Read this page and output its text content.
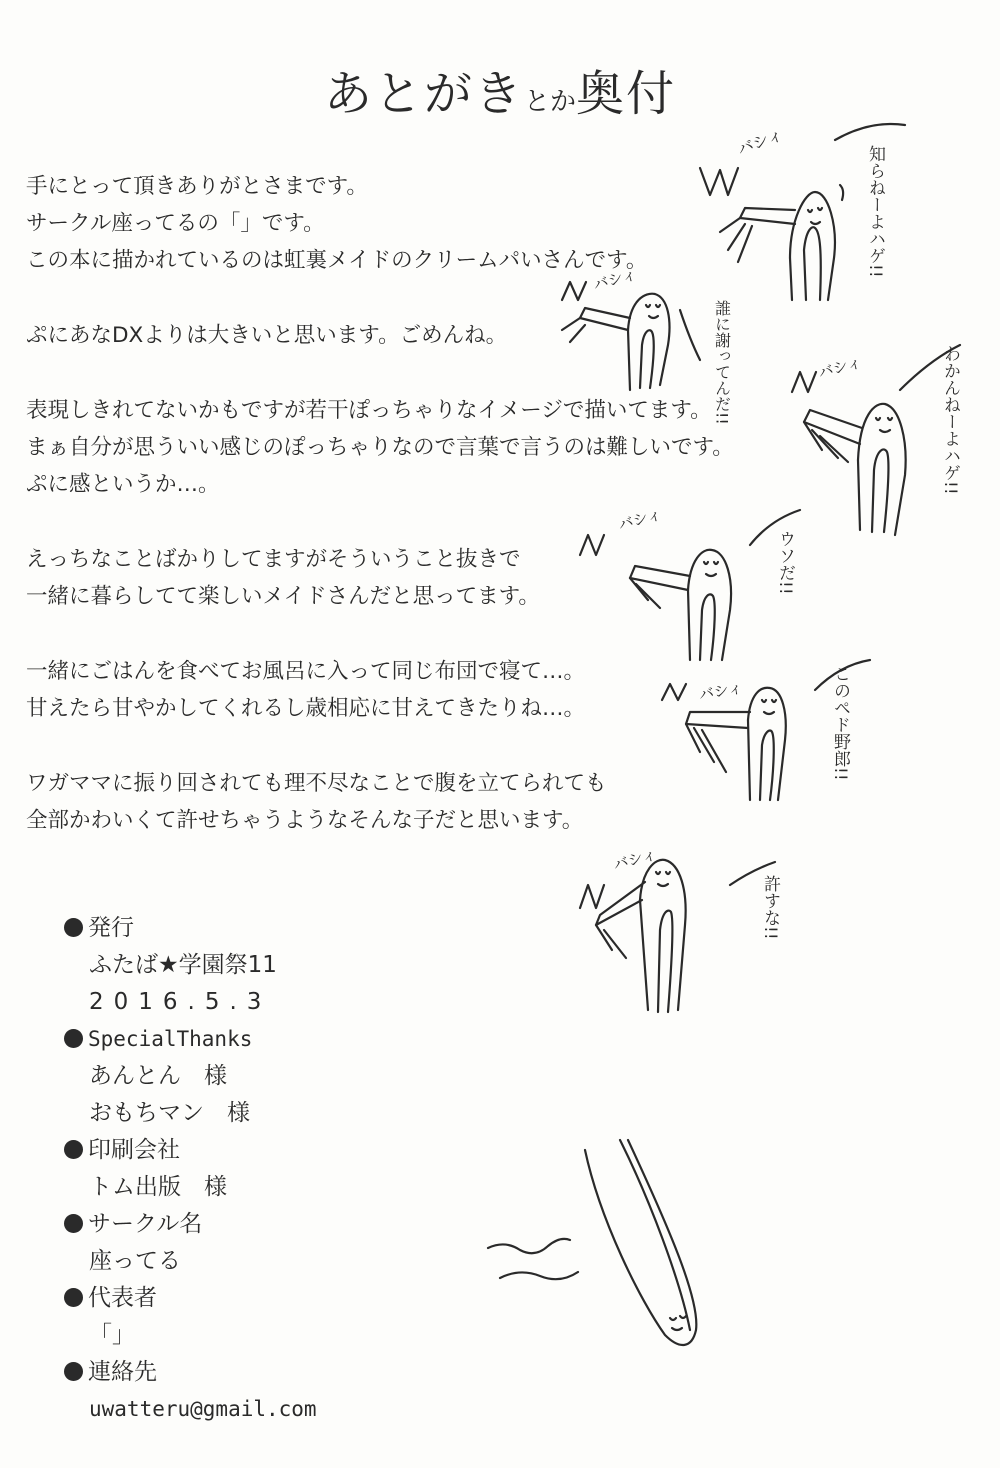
あとがきとか奥付
手にとって頂きありがとさまです。
サークル座ってるの「」です。
この本に描かれているのは虹裏メイドのクリームパいさんです。
ぷにあなDXよりは大きいと思います。ごめんね。
表現しきれてないかもですが若干ぽっちゃりなイメージで描いてます。
まぁ自分が思ういい感じのぽっちゃりなので言葉で言うのは難しいです。
ぷに感というか…。
えっちなことばかりしてますがそういうこと抜きで
一緒に暮らしてて楽しいメイドさんだと思ってます。
一緒にごはんを食べてお風呂に入って同じ布団で寝て…。
甘えたら甘やかしてくれるし歳相応に甘えてきたりね…。
ワガママに振り回されても理不尽なことで腹を立てられても
全部かわいくて許せちゃうようなそんな子だと思います。
発行
ふたば★学園祭11
2016.5.3
SpecialThanks
あんとん　様
おもちマン　様
印刷会社
トム出版　様
サークル名
座ってる
代表者
「」
連絡先
uwatteru@gmail.com
バシィ
知らねーよハゲ!!
バシィ
誰に謝ってんだ!!	バシィ	わかんねーよハゲ!!
バシィ
ウソだ!!
バシィ	このペド野郎!!
バシィ
許すな!!
